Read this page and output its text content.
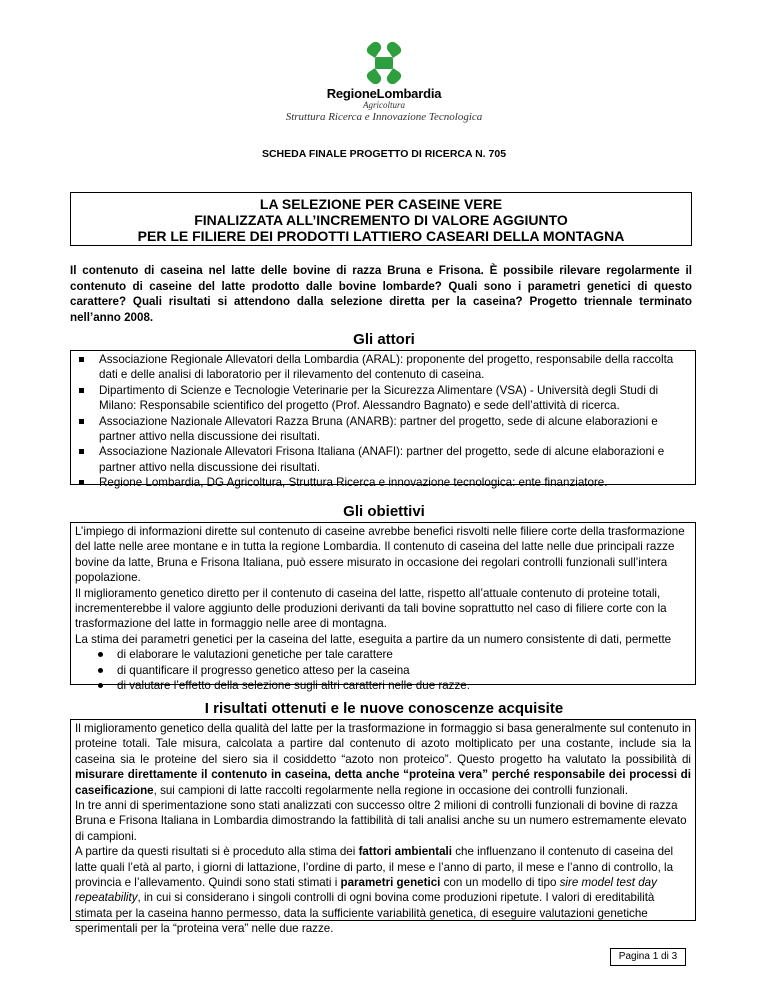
RegioneLombardia
Agricoltura
Struttura Ricerca e Innovazione Tecnologica
SCHEDA FINALE PROGETTO DI RICERCA N. 705
LA SELEZIONE PER CASEINE VERE
FINALIZZATA ALL’INCREMENTO DI VALORE AGGIUNTO
PER LE FILIERE DEI PRODOTTI LATTIERO CASEARI DELLA MONTAGNA
Il contenuto di caseina nel latte delle bovine di razza Bruna e Frisona. È possibile rilevare regolarmente il contenuto di caseine del latte prodotto dalle bovine lombarde? Quali sono i parametri genetici di questo carattere? Quali risultati si attendono dalla selezione diretta per la caseina? Progetto triennale terminato nell’anno 2008.
Gli attori
Associazione Regionale Allevatori della Lombardia (ARAL): proponente del progetto, responsabile della raccolta dati e delle analisi di laboratorio per il rilevamento del contenuto di caseina.
Dipartimento di Scienze e Tecnologie Veterinarie per la Sicurezza Alimentare (VSA) - Università degli Studi di Milano: Responsabile scientifico del progetto (Prof. Alessandro Bagnato) e sede dell’attività di ricerca.
Associazione Nazionale Allevatori Razza Bruna (ANARB): partner del progetto, sede di alcune elaborazioni e partner attivo nella discussione dei risultati.
Associazione Nazionale Allevatori Frisona Italiana (ANAFI): partner del progetto, sede di alcune elaborazioni e partner attivo nella discussione dei risultati.
Regione Lombardia, DG Agricoltura, Struttura Ricerca e innovazione tecnologica: ente finanziatore.
Gli obiettivi

L’impiego di informazioni dirette sul contenuto di caseine avrebbe benefici risvolti nelle filiere corte della trasformazione del latte nelle aree montane e in tutta la regione Lombardia. Il contenuto di caseina del latte nelle due principali razze bovine da latte, Bruna e Frisona Italiana, può essere misurato in occasione dei regolari controlli funzionali sull’intera popolazione.

Il miglioramento genetico diretto per il contenuto di caseina del latte, rispetto all’attuale contenuto di proteine totali, incrementerebbe il valore aggiunto delle produzioni derivanti da tali bovine soprattutto nel caso di filiere corte con la trasformazione del latte in formaggio nelle aree di montagna.

La stima dei parametri genetici per la caseina del latte, eseguita a partire da un numero consistente di dati, permette

di elaborare le valutazioni genetiche per tale carattere
di quantificare il progresso genetico atteso per la caseina
di valutare l’effetto della selezione sugli altri caratteri nelle due razze.
I risultati ottenuti e le nuove conoscenze acquisite

Il miglioramento genetico della qualità del latte per la trasformazione in formaggio si basa generalmente sul contenuto in proteine totali. Tale misura, calcolata a partire dal contenuto di azoto moltiplicato per una costante, include sia la caseina sia le proteine del siero sia il cosiddetto “azoto non proteico”. Questo progetto ha valutato la possibilità di misurare direttamente il contenuto in caseina, detta anche “proteina vera” perché responsabile dei processi di caseificazione, sui campioni di latte raccolti regolarmente nella regione in occasione dei controlli funzionali.

In tre anni di sperimentazione sono stati analizzati con successo oltre 2 milioni di controlli funzionali di bovine di razza Bruna e Frisona Italiana in Lombardia dimostrando la fattibilità di tali analisi anche su un numero estremamente elevato di campioni.

A partire da questi risultati si è proceduto alla stima dei fattori ambientali che influenzano il contenuto di caseina del latte quali l’età al parto, i giorni di lattazione, l’ordine di parto, il mese e l’anno di parto, il mese e l’anno di controllo, la provincia e l’allevamento. Quindi sono stati stimati i parametri genetici con un modello di tipo sire model test day repeatability, in cui si considerano i singoli controlli di ogni bovina come produzioni ripetute. I valori di ereditabilità stimata per la caseina hanno permesso, data la sufficiente variabilità genetica, di eseguire valutazioni genetiche sperimentali per la “proteina vera” nelle due razze.

Pagina 1 di 3
